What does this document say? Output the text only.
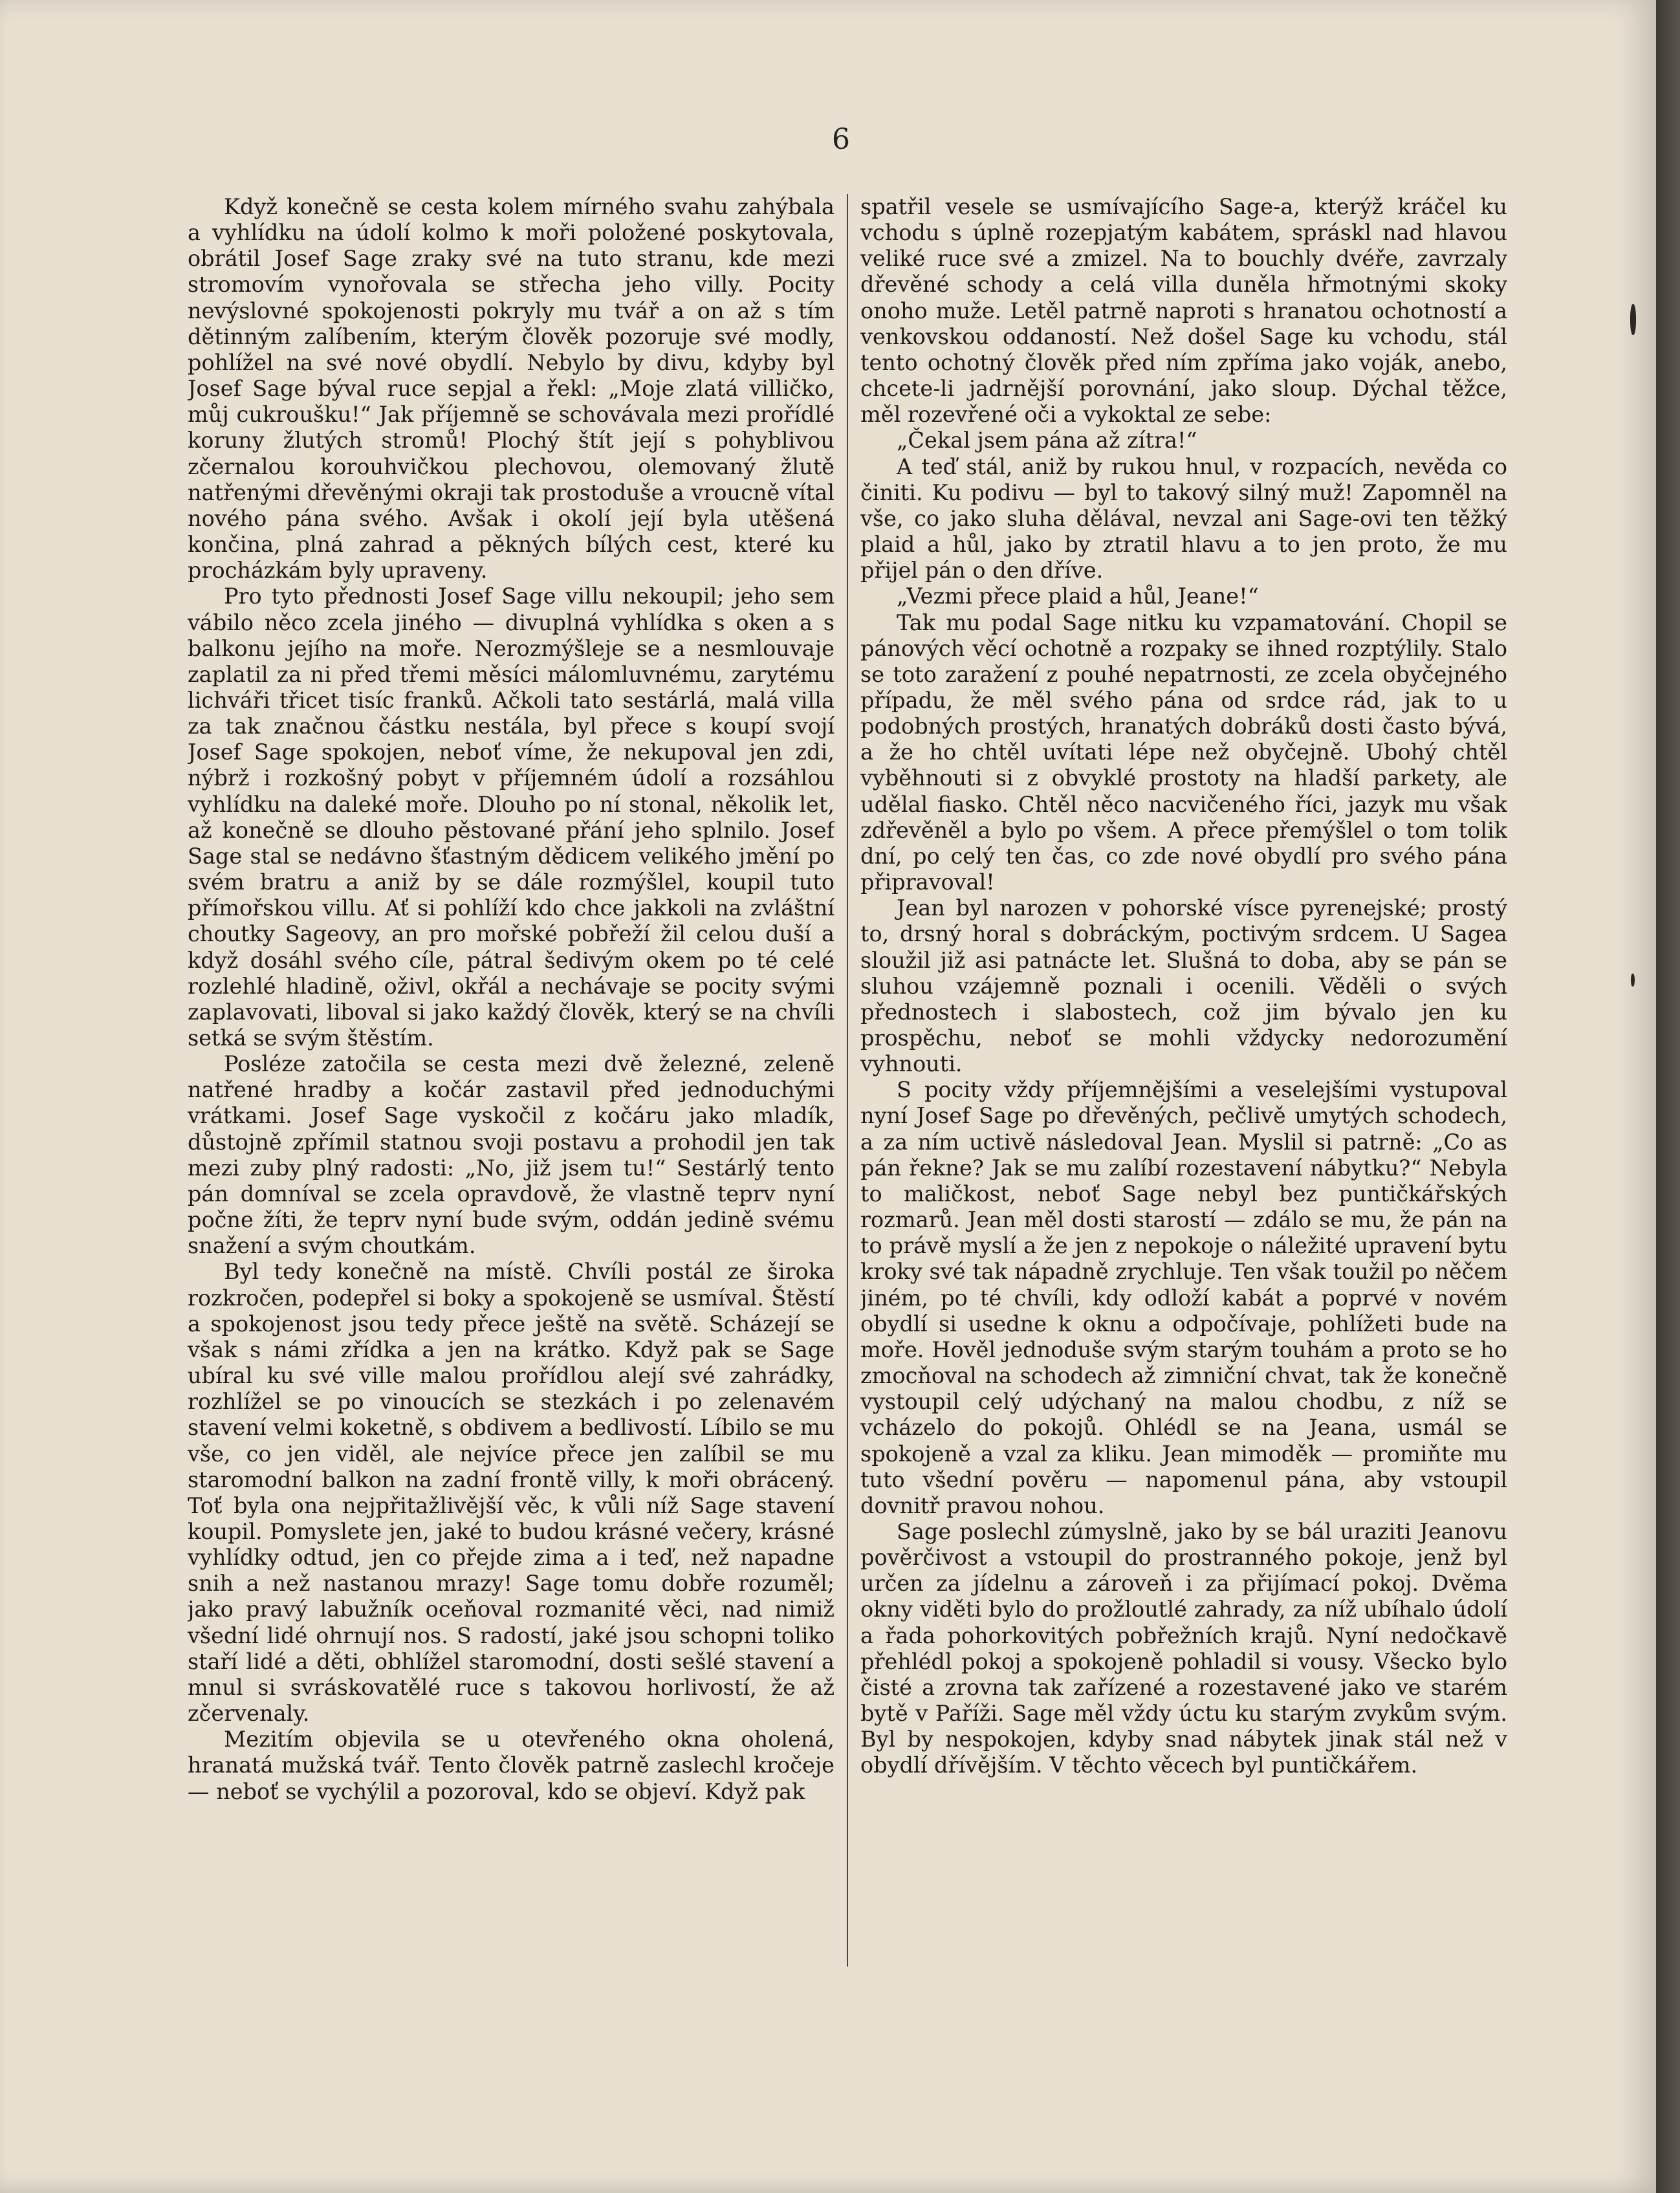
6

Když konečně se cesta kolem mírného svahu zahýbala a vyhlídku na údolí kolmo k moři položené poskytovala, obrátil Josef Sage zraky své na tuto stranu, kde mezi stromovím vynořovala se střecha jeho villy. Pocity nevýslovné spokojenosti pokryly mu tvář a on až s tím dětinným zalíbením, kterým člověk pozoruje své modly, pohlížel na své nové obydlí. Nebylo by divu, kdyby byl Josef Sage býval ruce sepjal a řekl: „Moje zlatá villičko, můj cukroušku!“ Jak příjemně se schovávala mezi prořídlé koruny žlutých stromů! Plochý štít její s pohyblivou zčernalou korouhvičkou plechovou, olemovaný žlutě natřenými dřevěnými okraji tak prostoduše a vroucně vítal nového pána svého. Avšak i okolí její byla utěšená končina, plná zahrad a pěkných bílých cest, které ku procházkám byly upraveny.

Pro tyto přednosti Josef Sage villu nekoupil; jeho sem vábilo něco zcela jiného — divuplná vyhlídka s oken a s balkonu jejího na moře. Nerozmýšleje se a nesmlouvaje zaplatil za ni před třemi měsíci málomluvnému, zarytému lichváři třicet tisíc franků. Ačkoli tato sestárlá, malá villa za tak značnou částku nestála, byl přece s koupí svojí Josef Sage spokojen, neboť víme, že nekupoval jen zdi, nýbrž i rozkošný pobyt v příjemném údolí a rozsáhlou vyhlídku na daleké moře. Dlouho po ní stonal, několik let, až konečně se dlouho pěstované přání jeho splnilo. Josef Sage stal se nedávno šťastným dědicem velikého jmění po svém bratru a aniž by se dále rozmýšlel, koupil tuto přímořskou villu. Ať si pohlíží kdo chce jakkoli na zvláštní choutky Sageovy, an pro mořské pobřeží žil celou duší a když dosáhl svého cíle, pátral šedivým okem po té celé rozlehlé hladině, oživl, okřál a nechávaje se pocity svými zaplavovati, liboval si jako každý člověk, který se na chvíli setká se svým štěstím.

Posléze zatočila se cesta mezi dvě železné, zeleně natřené hradby a kočár zastavil před jednoduchými vrátkami. Josef Sage vyskočil z kočáru jako mladík, důstojně zpřímil statnou svoji postavu a prohodil jen tak mezi zuby plný radosti: „No, již jsem tu!“ Sestárlý tento pán domníval se zcela opravdově, že vlastně teprv nyní počne žíti, že teprv nyní bude svým, oddán jedině svému snažení a svým choutkám.

Byl tedy konečně na místě. Chvíli postál ze široka rozkročen, podepřel si boky a spokojeně se usmíval. Štěstí a spokojenost jsou tedy přece ještě na světě. Scházejí se však s námi zřídka a jen na krátko. Když pak se Sage ubíral ku své ville malou prořídlou alejí své zahrádky, rozhlížel se po vinoucích se stezkách i po zelenavém stavení velmi koketně, s obdivem a bedlivostí. Líbilo se mu vše, co jen viděl, ale nejvíce přece jen zalíbil se mu staromodní balkon na zadní frontě villy, k moři obrácený. Toť byla ona nejpřitažlivější věc, k vůli níž Sage stavení koupil. Pomyslete jen, jaké to budou krásné večery, krásné vyhlídky odtud, jen co přejde zima a i teď, než napadne snih a než nastanou mrazy! Sage tomu dobře rozuměl; jako pravý labužník oceňoval rozmanité věci, nad nimiž všední lidé ohrnují nos. S radostí, jaké jsou schopni toliko staří lidé a děti, obhlížel staromodní, dosti sešlé stavení a mnul si svráskovatělé ruce s takovou horlivostí, že až zčervenaly.

Mezitím objevila se u otevřeného okna oholená, hranatá mužská tvář. Tento člověk patrně zaslechl kročeje — neboť se vychýlil a pozoroval, kdo se objeví. Když pak

spatřil vesele se usmívajícího Sage-a, kterýž kráčel ku vchodu s úplně rozepjatým kabátem, spráskl nad hlavou veliké ruce své a zmizel. Na to bouchly dvéře, zavrzaly dřevěné schody a celá villa duněla hřmotnými skoky onoho muže. Letěl patrně naproti s hranatou ochotností a venkovskou oddaností. Než došel Sage ku vchodu, stál tento ochotný člověk před ním zpříma jako voják, anebo, chcete-li jadrnější porovnání, jako sloup. Dýchal těžce, měl rozevřené oči a vykoktal ze sebe:

„Čekal jsem pána až zítra!“

A teď stál, aniž by rukou hnul, v rozpacích, nevěda co činiti. Ku podivu — byl to takový silný muž! Zapomněl na vše, co jako sluha dělával, nevzal ani Sage-ovi ten těžký plaid a hůl, jako by ztratil hlavu a to jen proto, že mu přijel pán o den dříve.

„Vezmi přece plaid a hůl, Jeane!“

Tak mu podal Sage nitku ku vzpamatování. Chopil se pánových věcí ochotně a rozpaky se ihned rozptýlily. Stalo se toto zaražení z pouhé nepatrnosti, ze zcela obyčejného případu, že měl svého pána od srdce rád, jak to u podobných prostých, hranatých dobráků dosti často bývá, a že ho chtěl uvítati lépe než obyčejně. Ubohý chtěl vyběhnouti si z obvyklé prostoty na hladší parkety, ale udělal fiasko. Chtěl něco nacvičeného říci, jazyk mu však zdřevěněl a bylo po všem. A přece přemýšlel o tom tolik dní, po celý ten čas, co zde nové obydlí pro svého pána připravoval!

Jean byl narozen v pohorské vísce pyrenejské; prostý to, drsný horal s dobráckým, poctivým srdcem. U Sagea sloužil již asi patnácte let. Slušná to doba, aby se pán se sluhou vzájemně poznali i ocenili. Věděli o svých přednostech i slabostech, což jim bývalo jen ku prospěchu, neboť se mohli vždycky nedorozumění vyhnouti.

S pocity vždy příjemnějšími a veselejšími vystupoval nyní Josef Sage po dřevěných, pečlivě umytých schodech, a za ním uctivě následoval Jean. Myslil si patrně: „Co as pán řekne? Jak se mu zalíbí rozestavení nábytku?“ Nebyla to maličkost, neboť Sage nebyl bez puntičkářských rozmarů. Jean měl dosti starostí — zdálo se mu, že pán na to právě myslí a že jen z nepokoje o náležité upravení bytu kroky své tak nápadně zrychluje. Ten však toužil po něčem jiném, po té chvíli, kdy odloží kabát a poprvé v novém obydlí si usedne k oknu a odpočívaje, pohlížeti bude na moře. Hověl jednoduše svým starým touhám a proto se ho zmocňoval na schodech až zimniční chvat, tak že konečně vystoupil celý udýchaný na malou chodbu, z níž se vcházelo do pokojů. Ohlédl se na Jeana, usmál se spokojeně a vzal za kliku. Jean mimoděk — promiňte mu tuto všední pověru — napomenul pána, aby vstoupil dovnitř pravou nohou.

Sage poslechl zúmyslně, jako by se bál uraziti Jeanovu pověrčivost a vstoupil do prostranného pokoje, jenž byl určen za jídelnu a zároveň i za přijímací pokoj. Dvěma okny viděti bylo do prožloutlé zahrady, za níž ubíhalo údolí a řada pohorkovitých pobřežních krajů. Nyní nedočkavě přehlédl pokoj a spokojeně pohladil si vousy. Všecko bylo čisté a zrovna tak zařízené a rozestavené jako ve starém bytě v Paříži. Sage měl vždy úctu ku starým zvykům svým. Byl by nespokojen, kdyby snad nábytek jinak stál než v obydlí dřívějším. V těchto věcech byl puntičkářem.
